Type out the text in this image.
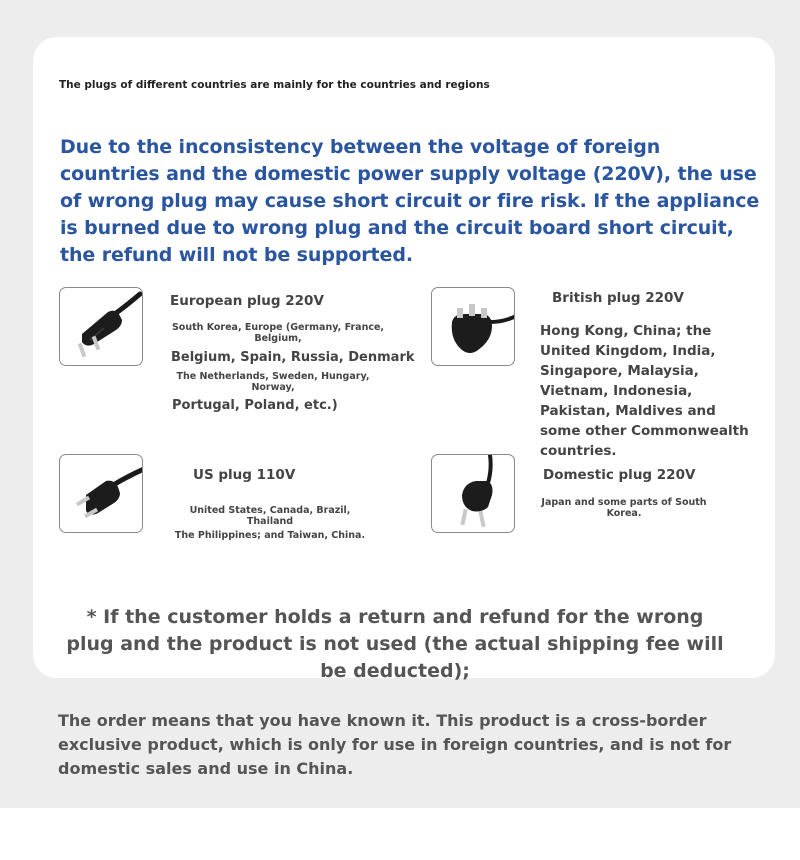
The plugs of different countries are mainly for the countries and regions
Due to the inconsistency between the voltage of foreign countries and the domestic power supply voltage (220V), the use of wrong plug may cause short circuit or fire risk. If the appliance is burned due to wrong plug and the circuit board short circuit, the refund will not be supported.
European plug 220V
South Korea, Europe (Germany, France, Belgium,
Belgium, Spain, Russia, Denmark
The Netherlands, Sweden, Hungary, Norway,
Portugal, Poland, etc.)
British plug 220V
Hong Kong, China; the United Kingdom, India, Singapore, Malaysia, Vietnam, Indonesia, Pakistan, Maldives and some other Commonwealth countries.
US plug 110V
United States, Canada, Brazil, Thailand
The Philippines; and Taiwan, China.
Domestic plug 220V
Japan and some parts of South Korea.
* If the customer holds a return and refund for the wrong plug and the product is not used (the actual shipping fee will be deducted);
The order means that you have known it. This product is a cross-border exclusive product, which is only for use in foreign countries, and is not for domestic sales and use in China.
